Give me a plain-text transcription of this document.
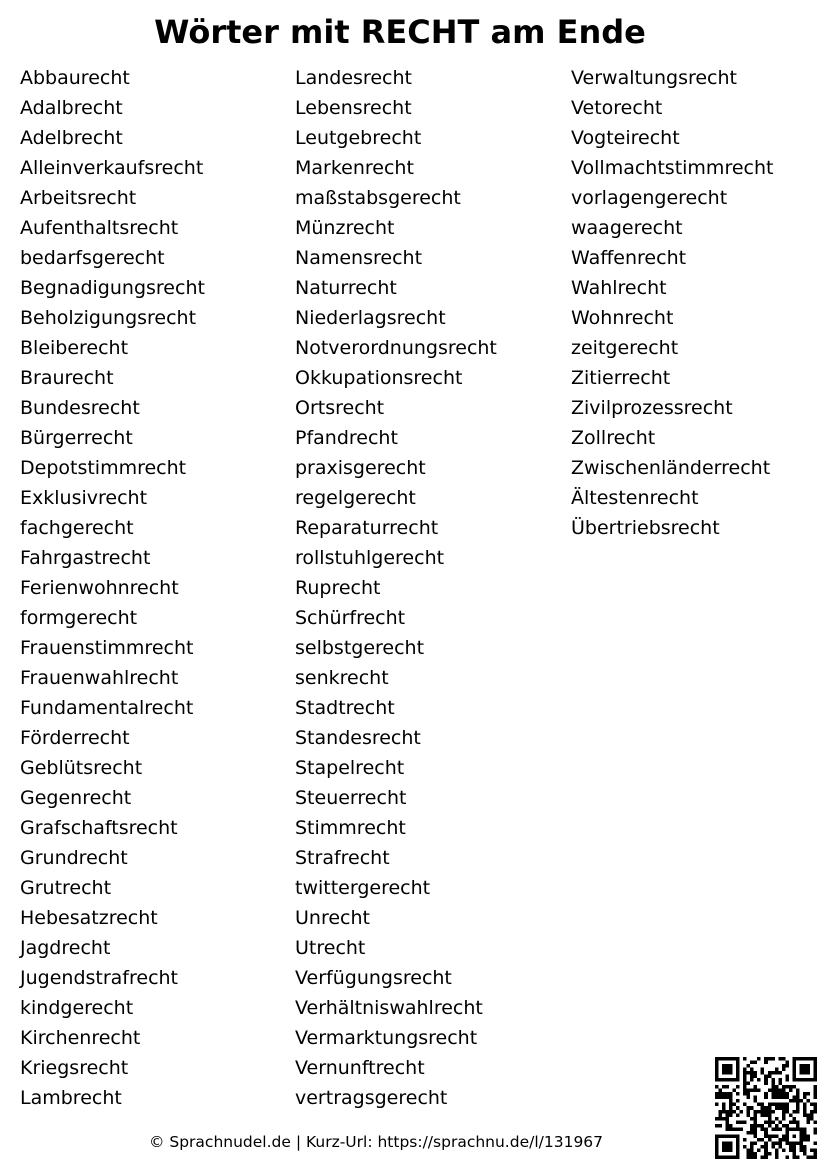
Wörter mit RECHT am Ende
Abbaurecht
Adalbrecht
Adelbrecht
Alleinverkaufsrecht
Arbeitsrecht
Aufenthaltsrecht
bedarfsgerecht
Begnadigungsrecht
Beholzigungsrecht
Bleiberecht
Braurecht
Bundesrecht
Bürgerrecht
Depotstimmrecht
Exklusivrecht
fachgerecht
Fahrgastrecht
Ferienwohnrecht
formgerecht
Frauenstimmrecht
Frauenwahlrecht
Fundamentalrecht
Förderrecht
Geblütsrecht
Gegenrecht
Grafschaftsrecht
Grundrecht
Grutrecht
Hebesatzrecht
Jagdrecht
Jugendstrafrecht
kindgerecht
Kirchenrecht
Kriegsrecht
Lambrecht
Landesrecht
Lebensrecht
Leutgebrecht
Markenrecht
maßstabsgerecht
Münzrecht
Namensrecht
Naturrecht
Niederlagsrecht
Notverordnungsrecht
Okkupationsrecht
Ortsrecht
Pfandrecht
praxisgerecht
regelgerecht
Reparaturrecht
rollstuhlgerecht
Ruprecht
Schürfrecht
selbstgerecht
senkrecht
Stadtrecht
Standesrecht
Stapelrecht
Steuerrecht
Stimmrecht
Strafrecht
twittergerecht
Unrecht
Utrecht
Verfügungsrecht
Verhältniswahlrecht
Vermarktungsrecht
Vernunftrecht
vertragsgerecht
Verwaltungsrecht
Vetorecht
Vogteirecht
Vollmachtstimmrecht
vorlagengerecht
waagerecht
Waffenrecht
Wahlrecht
Wohnrecht
zeitgerecht
Zitierrecht
Zivilprozessrecht
Zollrecht
Zwischenländerrecht
Ältestenrecht
Übertriebsrecht
© Sprachnudel.de | Kurz-Url: https://sprachnu.de/l/131967
